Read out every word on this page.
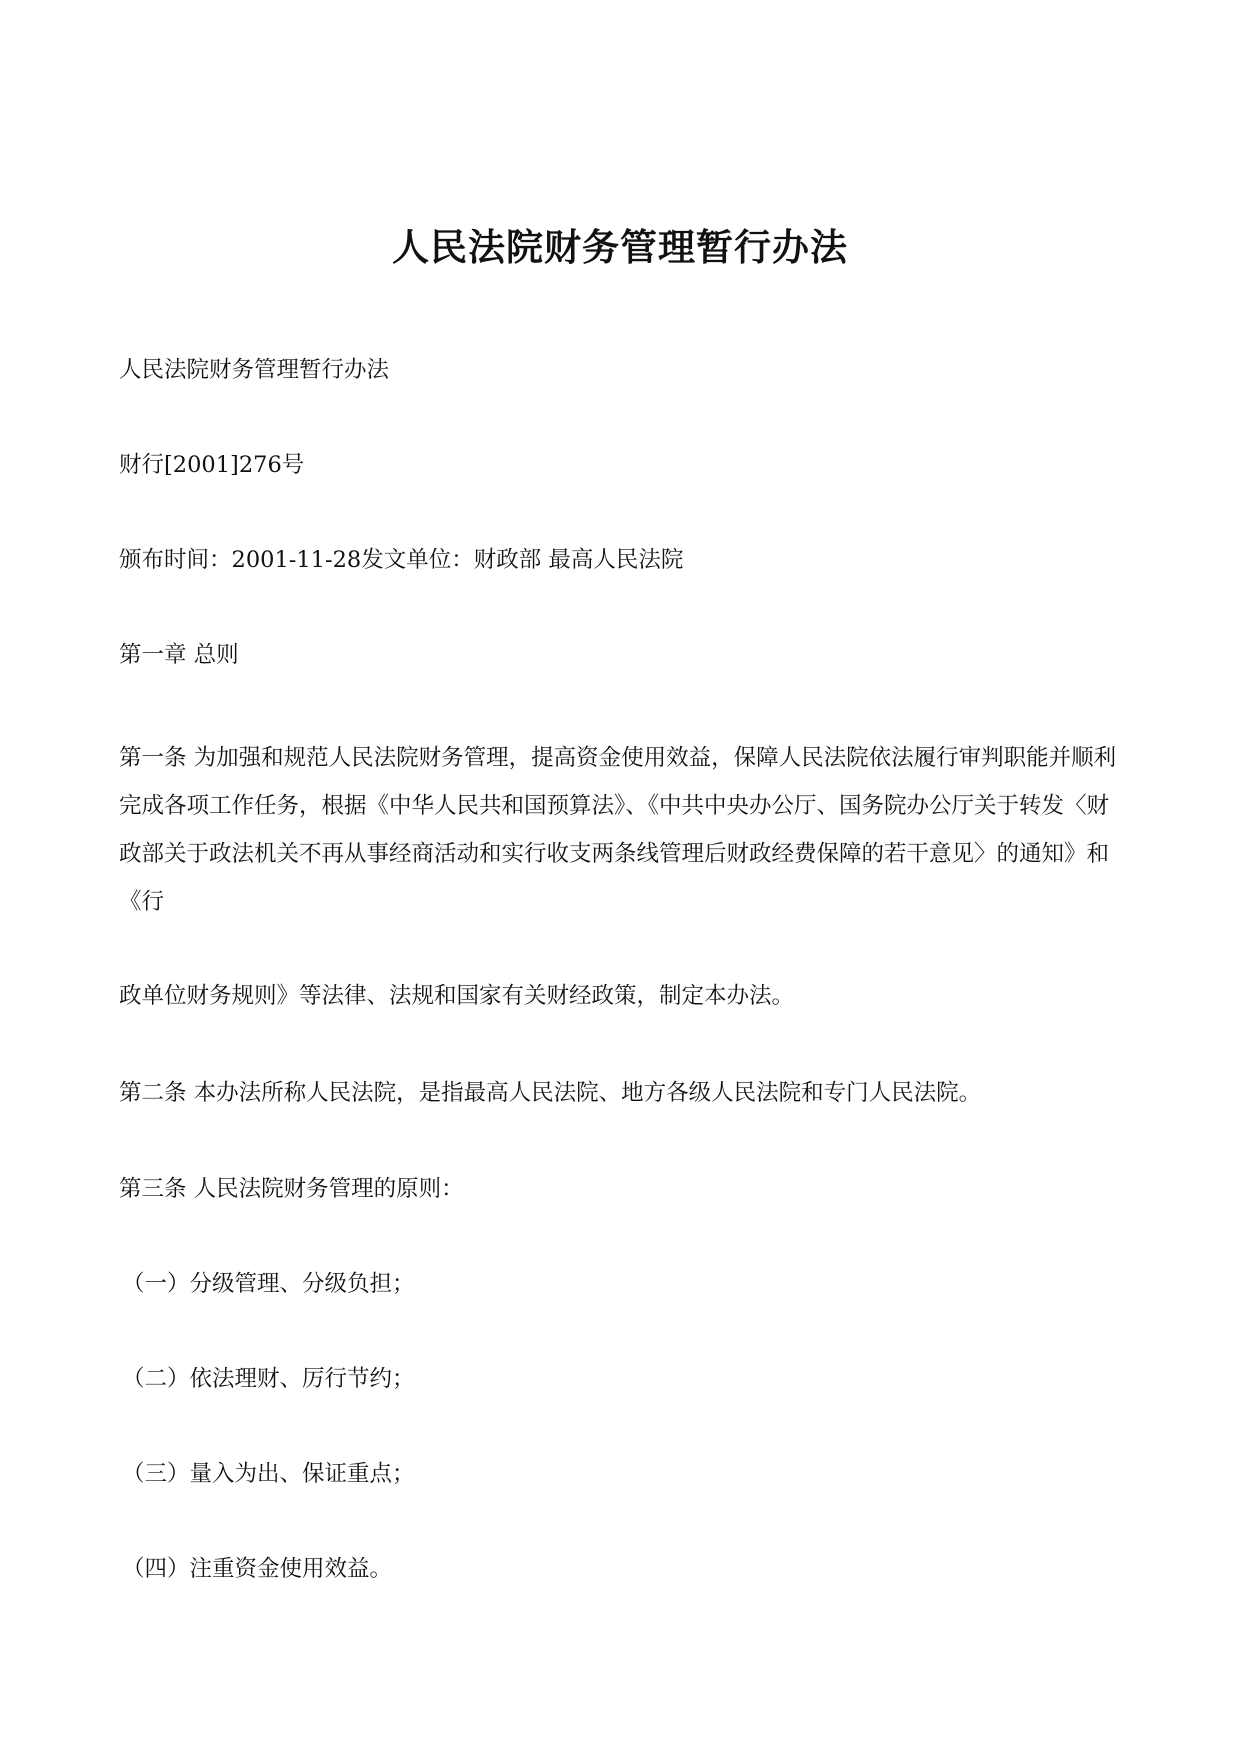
人民法院财务管理暂行办法

人民法院财务管理暂行办法

财行[2001]276号

颁布时间：2001-11-28发文单位：财政部 最高人民法院

第一章 总则

第一条 为加强和规范人民法院财务管理，提高资金使用效益，保障人民法院依法履行审判职能并顺利完成各项工作任务，根据《中华人民共和国预算法》、《中共中央办公厅、国务院办公厅关于转发〈财政部关于政法机关不再从事经商活动和实行收支两条线管理后财政经费保障的若干意见〉的通知》和《行

政单位财务规则》等法律、法规和国家有关财经政策，制定本办法。

第二条 本办法所称人民法院，是指最高人民法院、地方各级人民法院和专门人民法院。

第三条 人民法院财务管理的原则：

（一）分级管理、分级负担；

（二）依法理财、厉行节约；

（三）量入为出、保证重点；

（四）注重资金使用效益。
